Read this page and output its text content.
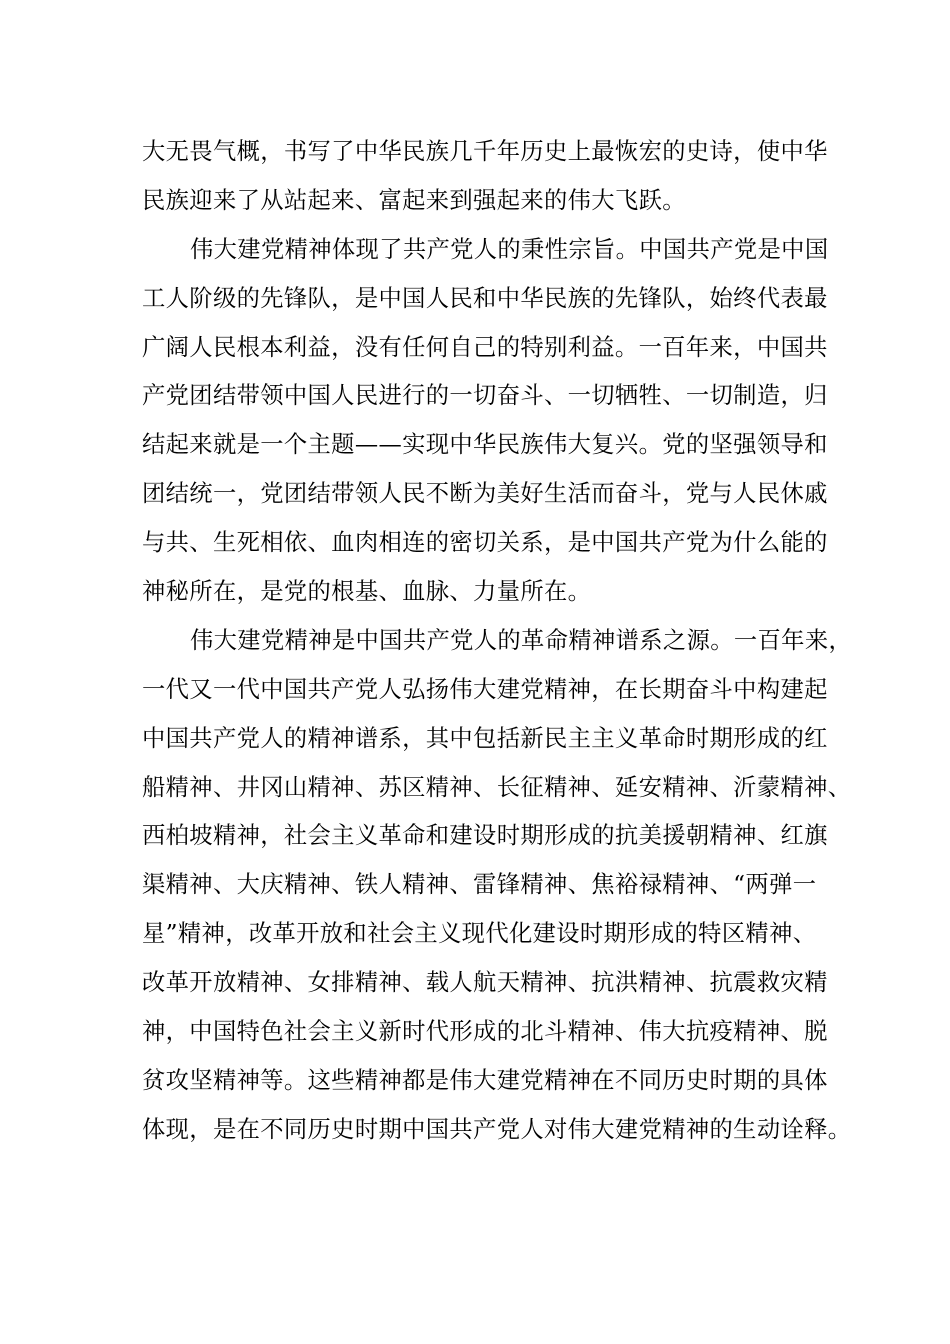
大无畏气概，书写了中华民族几千年历史上最恢宏的史诗，使中华
民族迎来了从站起来、富起来到强起来的伟大飞跃。

伟大建党精神体现了共产党人的秉性宗旨。中国共产党是中国
工人阶级的先锋队，是中国人民和中华民族的先锋队，始终代表最
广阔人民根本利益，没有任何自己的特别利益。一百年来，中国共
产党团结带领中国人民进行的一切奋斗、一切牺牲、一切制造，归
结起来就是一个主题——实现中华民族伟大复兴。党的坚强领导和
团结统一，党团结带领人民不断为美好生活而奋斗，党与人民休戚
与共、生死相依、血肉相连的密切关系，是中国共产党为什么能的
神秘所在，是党的根基、血脉、力量所在。

伟大建党精神是中国共产党人的革命精神谱系之源。一百年来，
一代又一代中国共产党人弘扬伟大建党精神，在长期奋斗中构建起
中国共产党人的精神谱系，其中包括新民主主义革命时期形成的红
船精神、井冈山精神、苏区精神、长征精神、延安精神、沂蒙精神、
西柏坡精神，社会主义革命和建设时期形成的抗美援朝精神、红旗
渠精神、大庆精神、铁人精神、雷锋精神、焦裕禄精神、“两弹一
星”精神，改革开放和社会主义现代化建设时期形成的特区精神、
改革开放精神、女排精神、载人航天精神、抗洪精神、抗震救灾精
神，中国特色社会主义新时代形成的北斗精神、伟大抗疫精神、脱
贫攻坚精神等。这些精神都是伟大建党精神在不同历史时期的具体
体现，是在不同历史时期中国共产党人对伟大建党精神的生动诠释。
